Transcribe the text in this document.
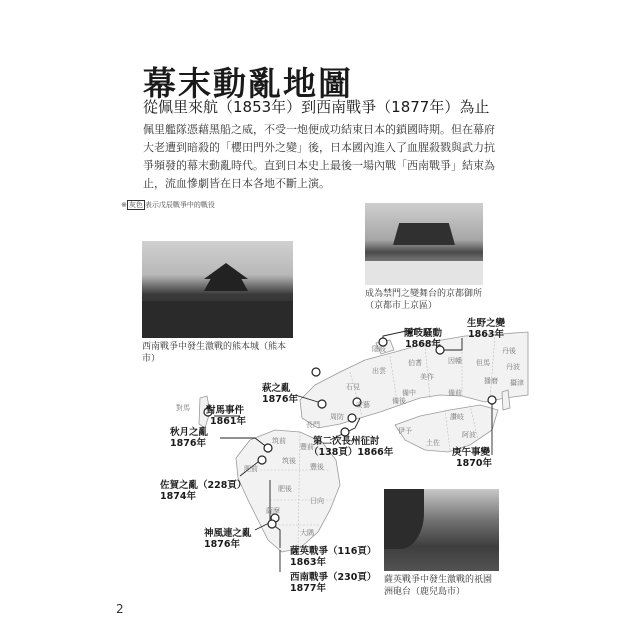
幕末動亂地圖
從佩里來航（1853年）到西南戰爭（1877年）為止
佩里艦隊憑藉黑船之威，不受一炮便成功結束日本的鎖國時期。但在幕府大老遭到暗殺的「櫻田門外之變」後，日本國內進入了血腥殺戮與武力抗爭頻發的幕末動亂時代。直到日本史上最後一場內戰「西南戰爭」結束為止，流血慘劇皆在日本各地不斷上演。
※ 灰色 表示戊辰戰爭中的戰役
西南戰爭中發生激戰的熊本城（熊本市）
成為禁門之變舞台的京都御所（京都市上京區）
薩英戰爭中發生激戰的祇園洲砲台（鹿兒島市）
因幡 但馬
丹後
丹波
伯耆
出雲
美作	播磨
隱岐
石見
備中	備前
安藝	備後
周防
長門
讚岐
阿波
土佐
伊予
豐前
豐後
筑前
筑後
肥前
肥後
日向
薩摩
大隅
對馬
攝津
生野之變
1863年
隱岐騷動
1868年
萩之亂
1876年
對馬事件
1861年
秋月之亂
1876年	第二次長州征討
（138頁）1866年	庚午事變
1870年
佐賀之亂（228頁）
1874年
神風連之亂
1876年
薩英戰爭（116頁）
1863年
西南戰爭（230頁）
1877年
2
